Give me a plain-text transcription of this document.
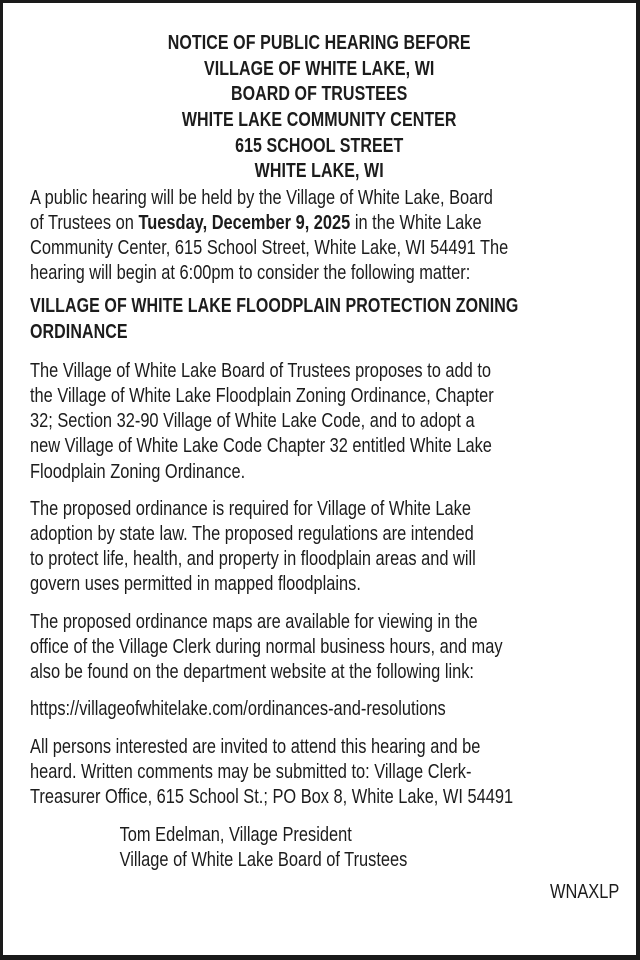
NOTICE OF PUBLIC HEARING BEFORE
VILLAGE OF WHITE LAKE, WI
BOARD OF TRUSTEES
WHITE LAKE COMMUNITY CENTER
615 SCHOOL STREET
WHITE LAKE, WI
A public hearing will be held by the Village of White Lake, Board
of Trustees on Tuesday, December 9, 2025 in the White Lake
Community Center, 615 School Street, White Lake, WI 54491 The
hearing will begin at 6:00pm to consider the following matter:
VILLAGE OF WHITE LAKE FLOODPLAIN PROTECTION ZONING
ORDINANCE
The Village of White Lake Board of Trustees proposes to add to
the Village of White Lake Floodplain Zoning Ordinance, Chapter
32; Section 32-90 Village of White Lake Code, and to adopt a
new Village of White Lake Code Chapter 32 entitled White Lake
Floodplain Zoning Ordinance.
The proposed ordinance is required for Village of White Lake
adoption by state law. The proposed regulations are intended
to protect life, health, and property in floodplain areas and will
govern uses permitted in mapped floodplains.
The proposed ordinance maps are available for viewing in the
office of the Village Clerk during normal business hours, and may
also be found on the department website at the following link:
https://villageofwhitelake.com/ordinances-and-resolutions
All persons interested are invited to attend this hearing and be
heard. Written comments may be submitted to: Village Clerk-
Treasurer Office, 615 School St.; PO Box 8, White Lake, WI 54491
Tom Edelman, Village President
Village of White Lake Board of Trustees
WNAXLP
